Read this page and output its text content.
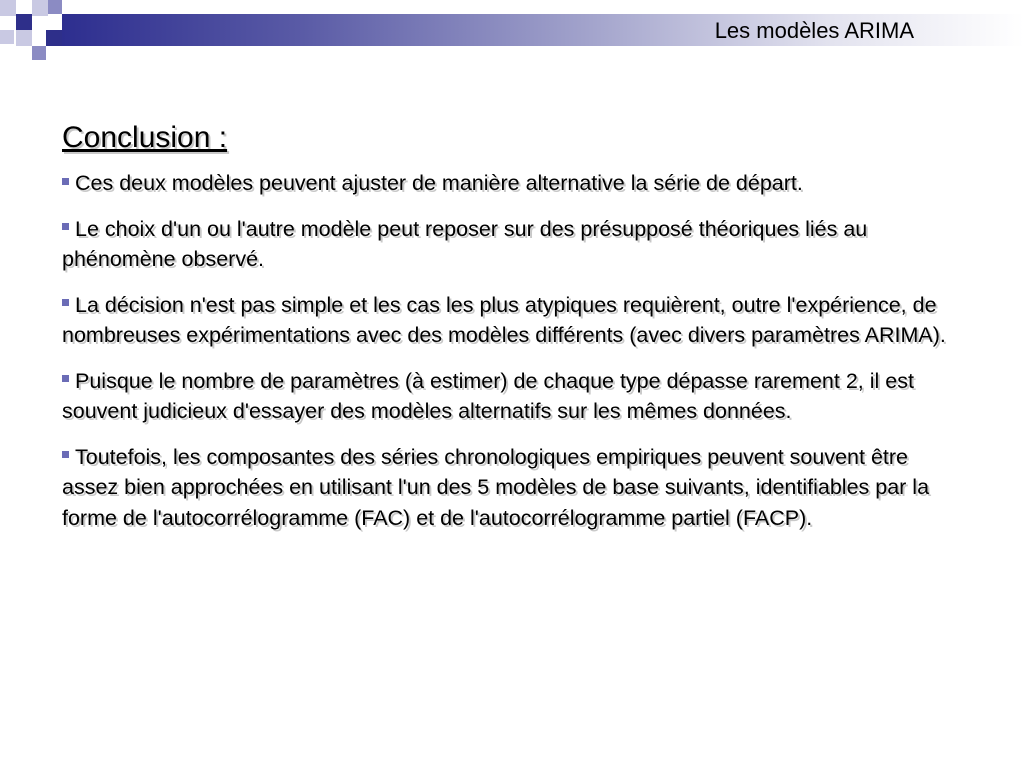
Les modèles ARIMA
Conclusion :
Ces deux modèles peuvent ajuster de manière alternative la série de départ.
Le choix d'un ou l'autre modèle peut reposer sur des présupposé théoriques liés au phénomène observé.
La décision n'est pas simple et les cas les plus atypiques requièrent, outre l'expérience, de nombreuses expérimentations avec des modèles différents (avec divers paramètres ARIMA).
Puisque le nombre de paramètres (à estimer) de chaque type dépasse rarement 2, il est souvent judicieux d'essayer des modèles alternatifs sur les mêmes données.
Toutefois, les composantes des séries chronologiques empiriques peuvent souvent être assez bien approchées en utilisant l'un des 5 modèles de base suivants, identifiables par la forme de l'autocorrélogramme (FAC) et de l'autocorrélogramme partiel (FACP).
